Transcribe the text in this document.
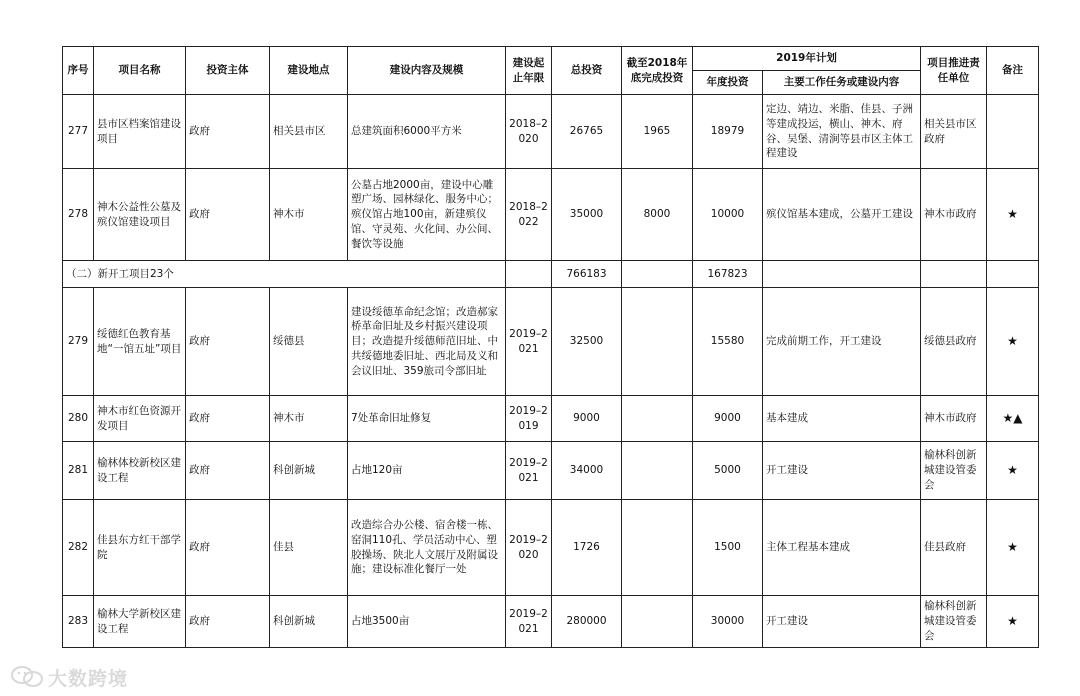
序号	项目名称	投资主体	建设地点	建设内容及规模	建设起止年限	总投资	截至2018年底完成投资	2019年计划		项目推进责任单位	备注
								年度投资	主要工作任务或建设内容		
277	县市区档案馆建设项目	政府	相关县市区	总建筑面积6000平方米	2018–2020	26765	1965	18979	定边、靖边、米脂、佳县、子洲等建成投运，横山、神木、府谷、吴堡、清涧等县市区主体工程建设	相关县市区政府	
278	神木公益性公墓及殡仪馆建设项目	政府	神木市	公墓占地2000亩，建设中心雕塑广场、园林绿化、服务中心；殡仪馆占地100亩，新建殡仪馆、守灵苑、火化间、办公间、餐饮等设施	2018–2022	35000	8000	10000	殡仪馆基本建成，公墓开工建设	神木市政府	★
（二）新开工项目23个						766183		167823			
279	绥德红色教育基地“一馆五址”项目	政府	绥德县	建设绥德革命纪念馆；改造郝家桥革命旧址及乡村振兴建设项目；改造提升绥德师范旧址、中共绥德地委旧址、西北局及义和会议旧址、359旅司令部旧址	2019–2021	32500		15580	完成前期工作，开工建设	绥德县政府	★
280	神木市红色资源开发项目	政府	神木市	7处革命旧址修复	2019–2019	9000		9000	基本建成	神木市政府	★▲
281	榆林体校新校区建设工程	政府	科创新城	占地120亩	2019–2021	34000		5000	开工建设	榆林科创新城建设管委会	★
282	佳县东方红干部学院	政府	佳县	改造综合办公楼、宿舍楼一栋、窑洞110孔、学员活动中心、塑胶操场、陕北人文展厅及附属设施；建设标准化餐厅一处	2019–2020	1726		1500	主体工程基本建成	佳县政府	★
283	榆林大学新校区建设工程	政府	科创新城	占地3500亩	2019–2021	280000		30000	开工建设	榆林科创新城建设管委会	★
大数跨境
